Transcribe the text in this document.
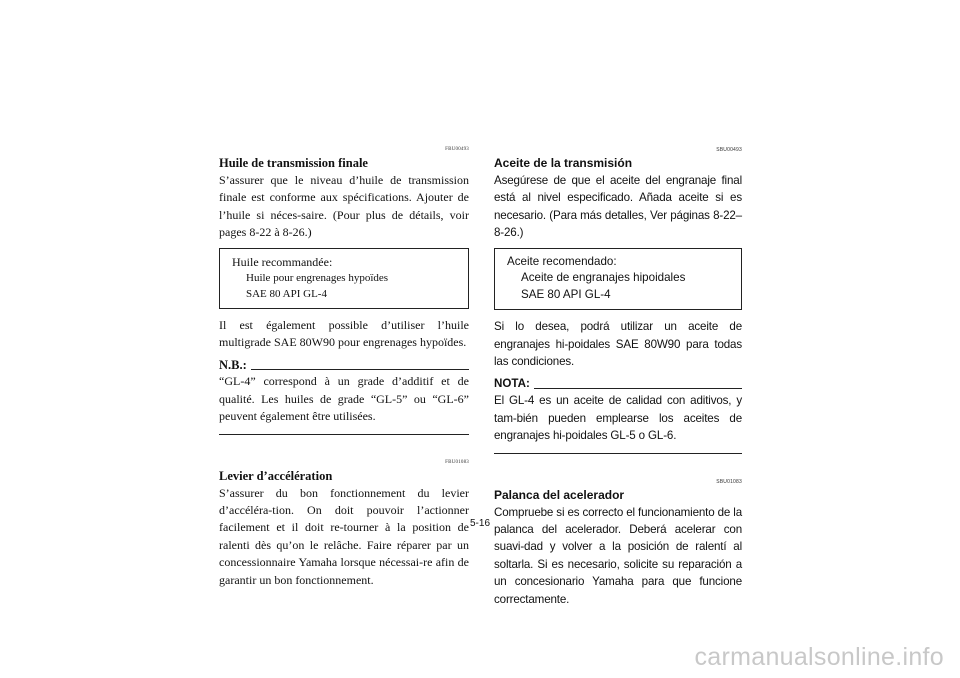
FBU00493
Huile de transmission finale

S’assurer que le niveau d’huile de transmission finale est conforme aux spécifications. Ajouter de l’huile si néces-saire. (Pour plus de détails, voir pages 8-22 à 8-26.)

Huile recommandée:
Huile pour engrenages hypoïdes
SAE 80 API GL-4

Il est également possible d’utiliser l’huile multigrade SAE 80W90 pour engrenages hypoïdes.

N.B.:

“GL-4” correspond à un grade d’additif et de qualité. Les huiles de grade “GL-5” ou “GL-6” peuvent également être utilisées.

FBU01083
Levier d’accélération

S’assurer du bon fonctionnement du levier d’accéléra-tion. On doit pouvoir l’actionner facilement et il doit re-tourner à la position de ralenti dès qu’on le relâche. Faire réparer par un concessionnaire Yamaha lorsque nécessai-re afin de garantir un bon fonctionnement.

SBU00493
Aceite de la transmisión

Asegúrese de que el aceite del engranaje final está al nivel especificado. Añada aceite si es necesario. (Para más detalles, Ver páginas 8-22–8-26.)

Aceite recomendado:
Aceite de engranajes hipoidales
SAE 80 API GL-4

Si lo desea, podrá utilizar un aceite de engranajes hi-poidales SAE 80W90 para todas las condiciones.

NOTA:

El GL-4 es un aceite de calidad con aditivos, y tam-bién pueden emplearse los aceites de engranajes hi-poidales GL-5 o GL-6.

SBU01083
Palanca del acelerador

Compruebe si es correcto el funcionamiento de la palanca del acelerador. Deberá acelerar con suavi-dad y volver a la posición de ralentí al soltarla. Si es necesario, solicite su reparación a un concesionario Yamaha para que funcione correctamente.

5-16
carmanualsonline.info
